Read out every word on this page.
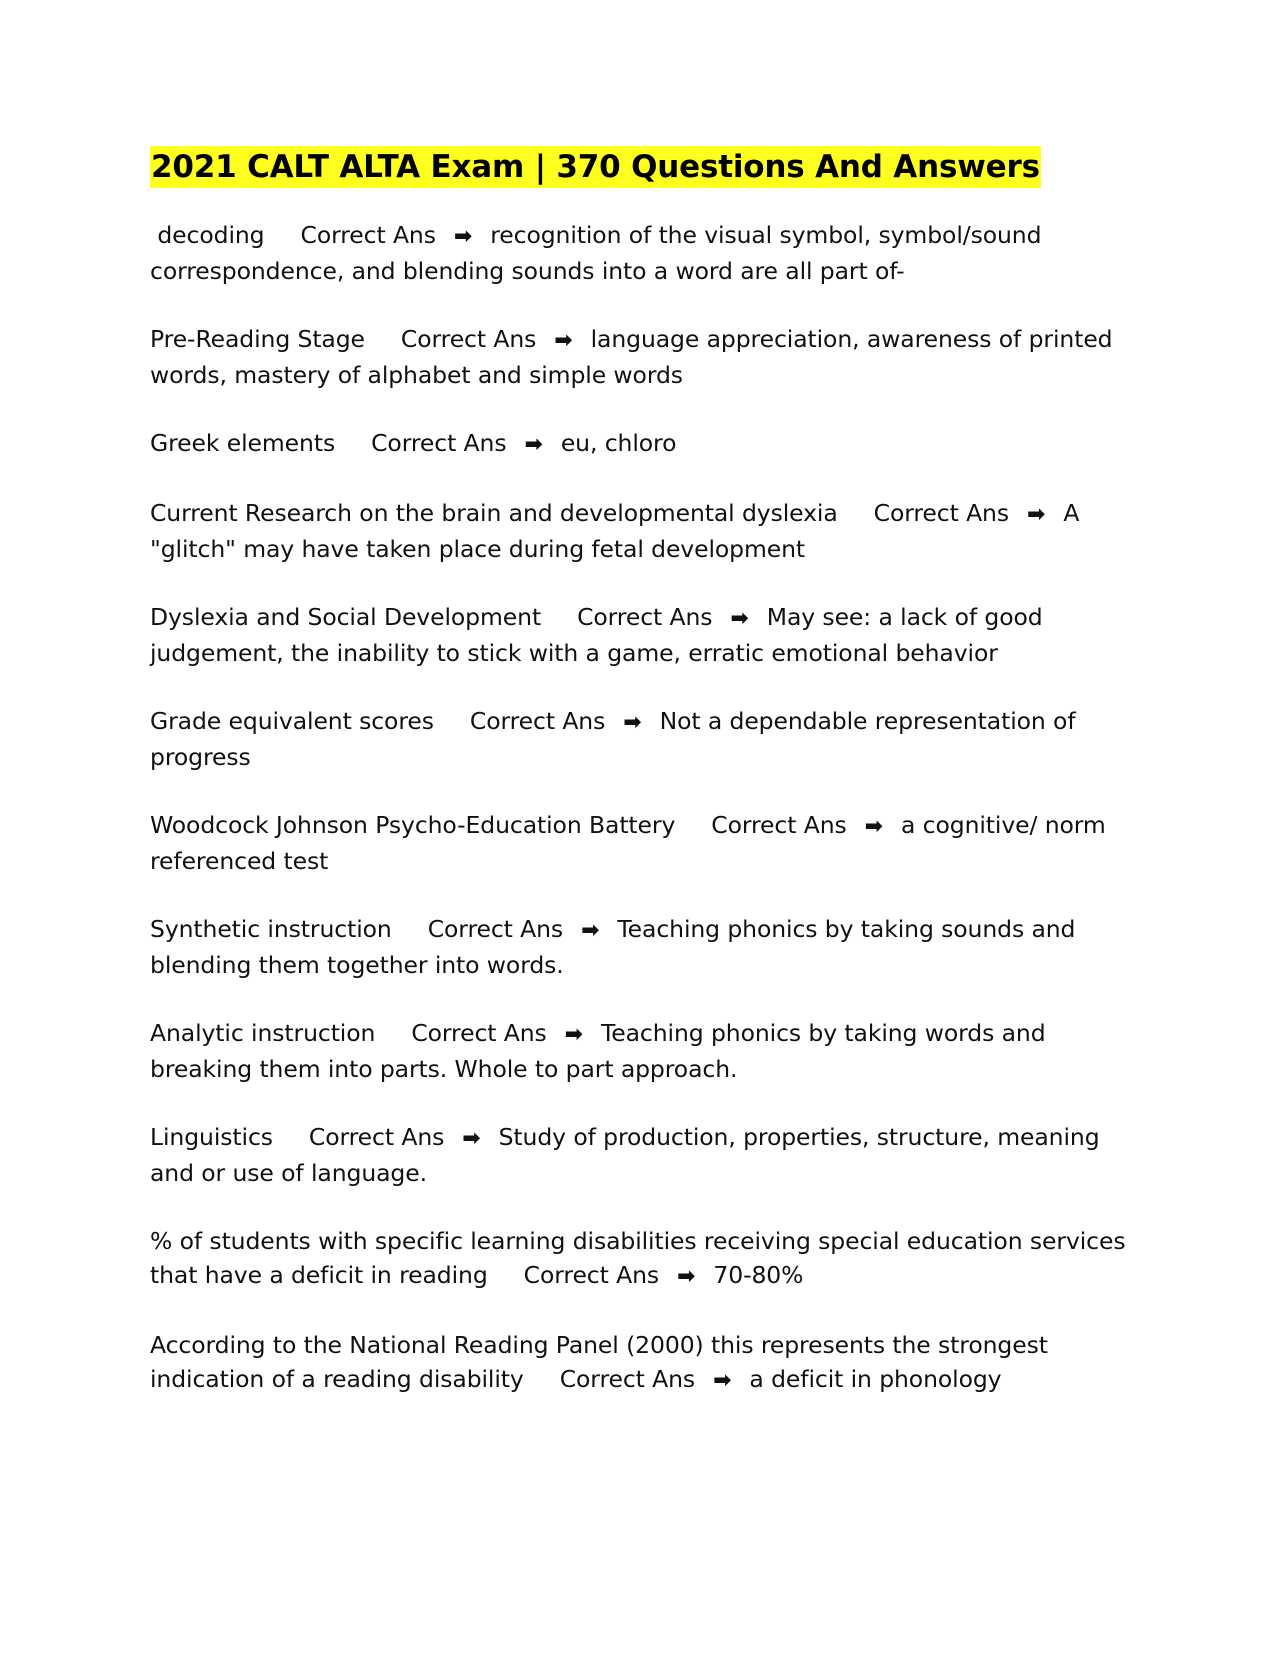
2021 CALT ALTA Exam | 370 Questions And Answers
decoding Correct Ans ➡ recognition of the visual symbol, symbol/sound correspondence, and blending sounds into a word are all part of-
Pre-Reading Stage Correct Ans ➡ language appreciation, awareness of printed words, mastery of alphabet and simple words
Greek elements Correct Ans ➡ eu, chloro
Current Research on the brain and developmental dyslexia Correct Ans ➡ A "glitch" may have taken place during fetal development
Dyslexia and Social Development Correct Ans ➡ May see: a lack of good judgement, the inability to stick with a game, erratic emotional behavior
Grade equivalent scores Correct Ans ➡ Not a dependable representation of progress
Woodcock Johnson Psycho-Education Battery Correct Ans ➡ a cognitive/ norm referenced test
Synthetic instruction Correct Ans ➡ Teaching phonics by taking sounds and blending them together into words.
Analytic instruction Correct Ans ➡ Teaching phonics by taking words and breaking them into parts. Whole to part approach.
Linguistics Correct Ans ➡ Study of production, properties, structure, meaning and or use of language.
% of students with specific learning disabilities receiving special education services that have a deficit in reading Correct Ans ➡ 70-80%
According to the National Reading Panel (2000) this represents the strongest indication of a reading disability Correct Ans ➡ a deficit in phonology
